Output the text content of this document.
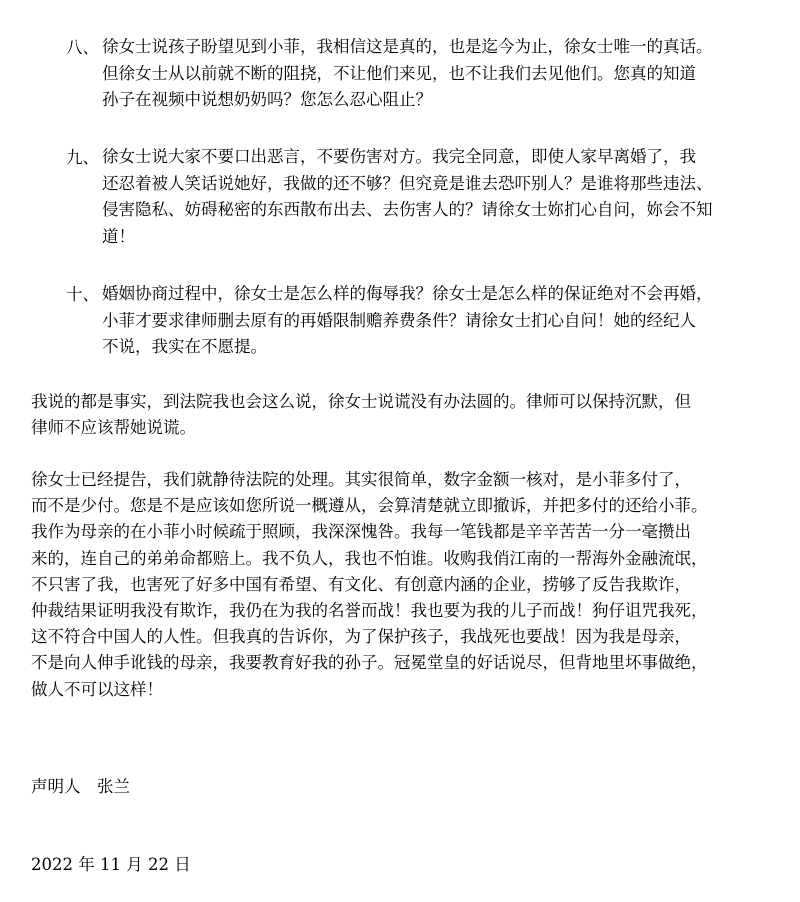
八、 徐女士说孩子盼望见到小菲，我相信这是真的，也是迄今为止，徐女士唯一的真话。
但徐女士从以前就不断的阻挠，不让他们来见，也不让我们去见他们。您真的知道
孙子在视频中说想奶奶吗？您怎么忍心阻止？
九、 徐女士说大家不要口出恶言，不要伤害对方。我完全同意，即使人家早离婚了，我
还忍着被人笑话说她好，我做的还不够？但究竟是谁去恐吓别人？是谁将那些违法、
侵害隐私、妨碍秘密的东西散布出去、去伤害人的？请徐女士妳扪心自问，妳会不知
道！
十、 婚姻协商过程中，徐女士是怎么样的侮辱我？徐女士是怎么样的保证绝对不会再婚，
小菲才要求律师删去原有的再婚限制赡养费条件？请徐女士扪心自问！她的经纪人
不说，我实在不愿提。
我说的都是事实，到法院我也会这么说，徐女士说谎没有办法圆的。律师可以保持沉默，但
律师不应该帮她说谎。
徐女士已经提告，我们就静待法院的处理。其实很简单，数字金额一核对，是小菲多付了，
而不是少付。您是不是应该如您所说一概遵从，会算清楚就立即撤诉，并把多付的还给小菲。
我作为母亲的在小菲小时候疏于照顾，我深深愧咎。我每一笔钱都是辛辛苦苦一分一毫攒出
来的，连自己的弟弟命都赔上。我不负人，我也不怕谁。收购我俏江南的一帮海外金融流氓，
不只害了我，也害死了好多中国有希望、有文化、有创意内涵的企业，捞够了反告我欺诈，
仲裁结果证明我没有欺诈，我仍在为我的名誉而战！我也要为我的儿子而战！狗仔诅咒我死，
这不符合中国人的人性。但我真的告诉你，为了保护孩子，我战死也要战！因为我是母亲，
不是向人伸手讹钱的母亲，我要教育好我的孙子。冠冕堂皇的好话说尽，但背地里坏事做绝，
做人不可以这样！
声明人　张兰
2022 年 11 月 22 日
